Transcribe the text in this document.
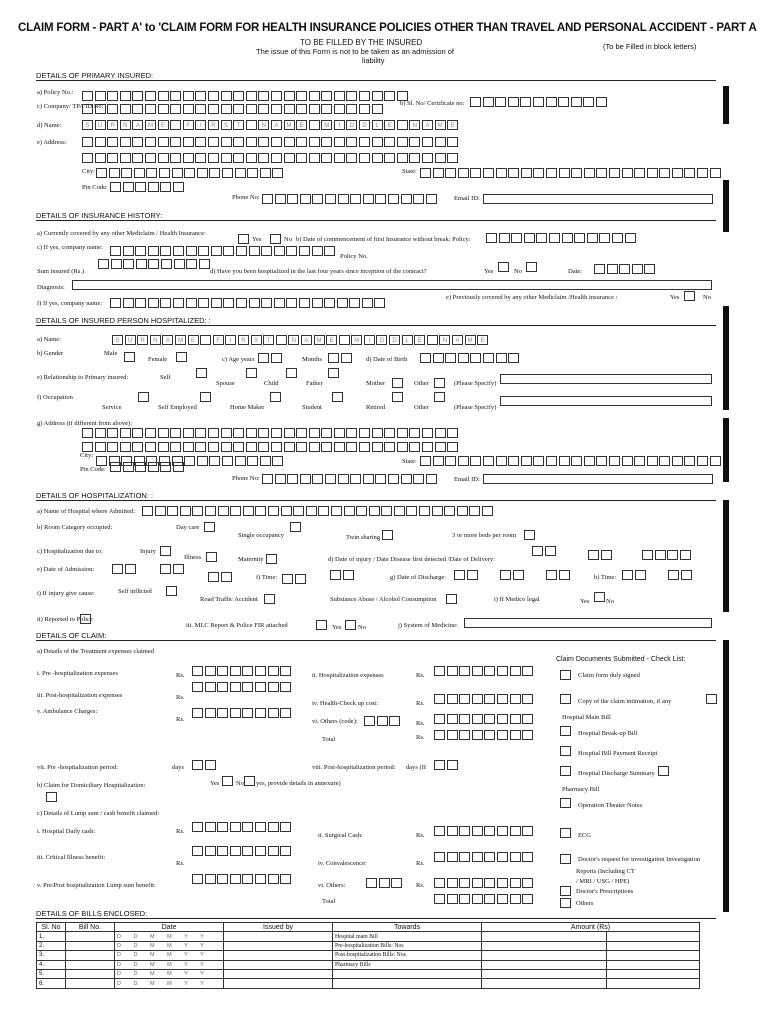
CLAIM FORM - PART A' to 'CLAIM FORM FOR HEALTH INSURANCE POLICIES OTHER THAN TRAVEL AND PERSONAL ACCIDENT - PART A
TO BE FILLED BY THE INSURED
The issue of this Form is not to be taken as an admission of
liability
(To be Filled in block letters)
DETAILS OF PRIMARY INSURED:
a) Policy No.:
c) Company/ TPA ID No:	b) Sl. No/ Certificate no:
d) Name:	S	U	R	N	A	M	E	F	I	R	S	T	N	A	M	E	M	I	D	D	L	E	N	A	M	E
e) Address:
City:	State:
Pin Code:
Phone No:	Email ID:
DETAILS OF INSURANCE HISTORY:
a) Currently covered by any other Mediclaim / Health Insurance:
Yes	No b) Date of commencement of first Insurance without break: Policy:
c) If yes, company name:
Policy No.
Sum insured (Rs.)	d) Have you been hospitalized in the last four years since inception of the contract?	Yes	No	Date:
Diagnosis:
f) If yes, company name:
e) Previously covered by any other Mediclaim /Health insurance :	Yes	No
DETAILS OF INSURED PERSON HOSPITALIZED: :
a) Name:	S	U	R	N	A	M	E	F	I	R	S	T	N	A	M	E	M	I	D	D	L	E	N	A	M	E
b) Gender	Male
Female	c) Age years	Months	d) Date of Birth
e) Relationship to Primary insured:	Self
Spouse	Child	Father	Mother	Other	(Please Specify)
f) Occupation
Service	Self Employed	Home Maker	Student	Retired	Other	(Please Specify)
g) Address (if different from above):
City:
State:
Pin Code:
Phone No:	Email ID:
DETAILS OF HOSPITALIZATION: :
a) Name of Hospital where Admitted:
b) Room Category occupied:	Day care
Single occupancy	Twin sharing	3 or more beds per room
c) Hospitalization due to:	Injury
Illness	Maternity	d) Date of injury / Date Disease first detected /Date of Delivery:
e) Date of Admission:
f) Time:	g) Date of Discharge:	h) Time:
i) If injury give cause:	Self inflicted
Road Traffic Accident	Substance Abuse / Alcohol Consumption	i) If Medico legal	Yes	No
ii) Reported to Police
iii. MLC Report & Police FIR attached	Yes	No	j) System of Medicine:
DETAILS OF CLAIM:
a) Details of the Treatment expenses claimed
i. Pre -hospitalization expenses	Rs.	ii. Hospitalization expenses	Rs.
iii. Post-hospitalization expenses	Rs.
iv. Health-Check up cost:	Rs.
v. Ambulance Charges:
Rs.	vi. Others (code):	Rs.
Total	Rs.
vii. Pre -hospitalization period:	days	viii. Post-hospitalization period: days (If
b) Claim for Domiciliary Hospitalization:	Yes	No yes, provide details in annexure)
c) Details of Lump sum / cash benefit claimed:
i. Hospital Daily cash:	Rs.
ii. Surgical Cash:	Rs.
iii. Critical Illness benefit:
Rs.	iv. Convalescence:	Rs.
v. Pre/Post hospitalization Lump sum benefit:	vi. Others:	Rs.
Total
Claim Documents Submitted - Check List:
Claim form duly signed
Copy of the claim intimation, if any
Hospital Main Bill
Hospital Break-up Bill
Hospital Bill Payment Receipt
Hospital Discharge Summary
Pharmacy Bill
Operation Theater Notes
ECG
Doctor's request for investigation Investigation
Reports (Including CT
/ MRI / USG / HPE)
Doctor's Prescriptions
Others
DETAILS OF BILLS ENCLOSED:
Sl. No	Bill No.	Date	Issued by	Towards	Amount (Rs)	
1.		D D M M Y Y		Hospital main Bill		
2.		D D M M Y Y		Pre-hospitalization Bills: Nos		
3.		D D M M Y Y		Post-hospitalization Bills: Nos		
4.		D D M M Y Y		Pharmacy Bills		
5.		D D M M Y Y				
6.		D D M M Y Y				
